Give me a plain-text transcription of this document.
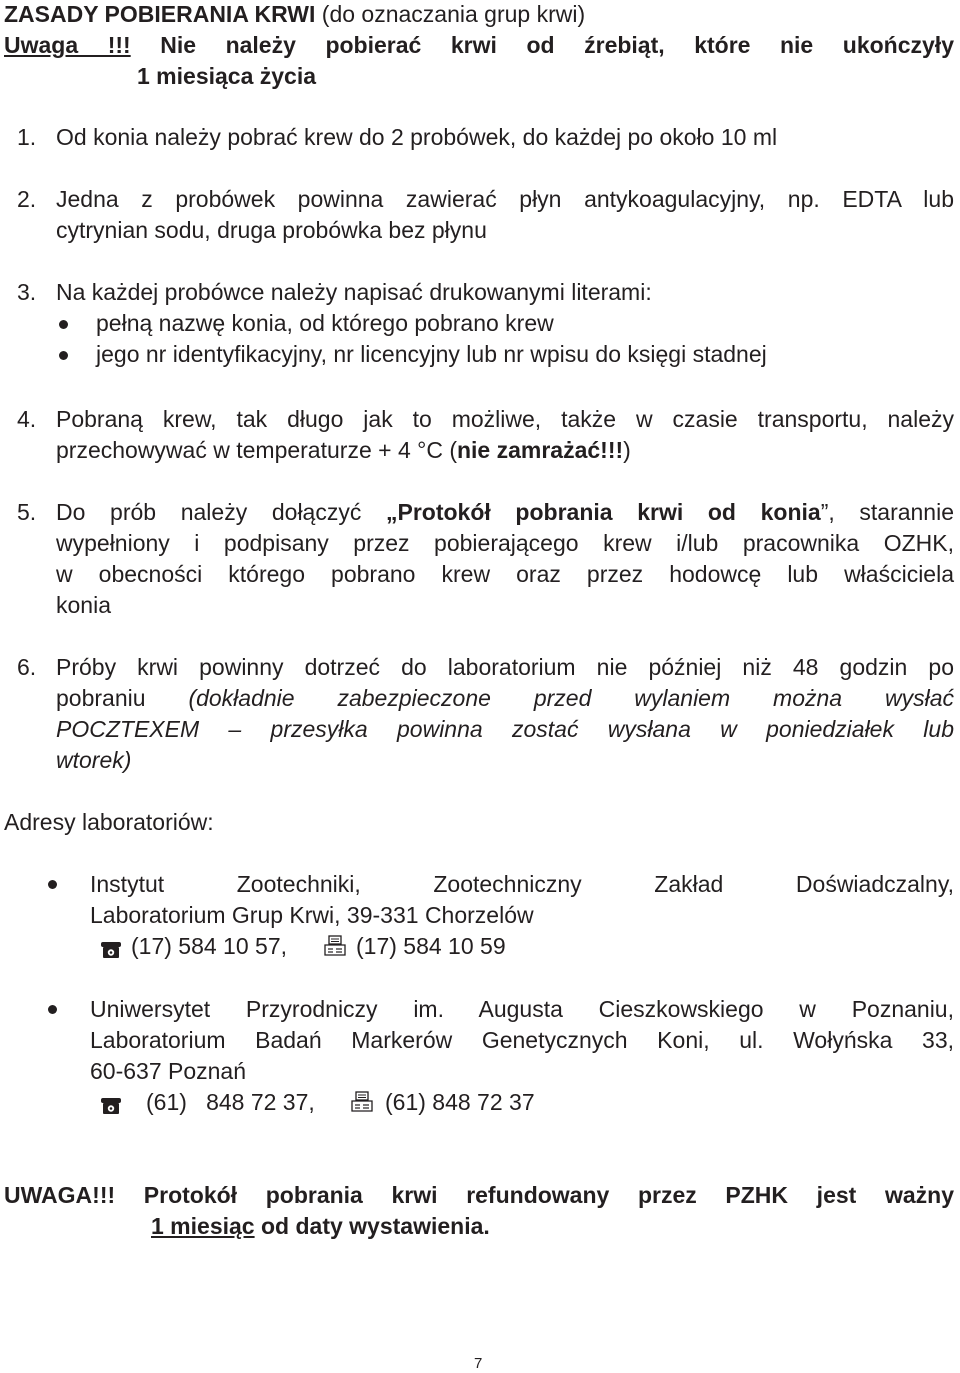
ZASADY POBIERANIA KRWI (do oznaczania grup krwi)
Uwaga !!! Nie należy pobierać krwi od źrebiąt, które nie ukończyły
1 miesiąca życia
1. Od konia należy pobrać krew do 2 probówek, do każdej po około 10 ml
2. Jedna z probówek powinna zawierać płyn antykoagulacyjny, np. EDTA lub
cytrynian sodu, druga probówka bez płynu
3. Na każdej probówce należy napisać drukowanymi literami:
pełną nazwę konia, od którego pobrano krew
jego nr identyfikacyjny, nr licencyjny lub nr wpisu do księgi stadnej
4. Pobraną krew, tak długo jak to możliwe, także w czasie transportu, należy
przechowywać w temperaturze + 4 °C (nie zamrażać!!!)
5. Do prób należy dołączyć „Protokół pobrania krwi od konia”, starannie
wypełniony i podpisany przez pobierającego krew i/lub pracownika OZHK,
w obecności którego pobrano krew oraz przez hodowcę lub właściciela
konia
6. Próby krwi powinny dotrzeć do laboratorium nie później niż 48 godzin po
pobraniu (dokładnie zabezpieczone przed wylaniem można wysłać
POCZTEXEM – przesyłka powinna zostać wysłana w poniedziałek lub
wtorek)
Adresy laboratoriów:
Instytut Zootechniki, Zootechniczny Zakład Doświadczalny,
Laboratorium Grup Krwi, 39-331 Chorzelów
(17) 584 10 57,	(17) 584 10 59
Uniwersytet Przyrodniczy im. Augusta Cieszkowskiego w Poznaniu,
Laboratorium Badań Markerów Genetycznych Koni, ul. Wołyńska 33,
60-637 Poznań
(61)   848 72 37,	(61) 848 72 37
UWAGA!!! Protokół pobrania krwi refundowany przez PZHK jest ważny
1 miesiąc od daty wystawienia.
7
